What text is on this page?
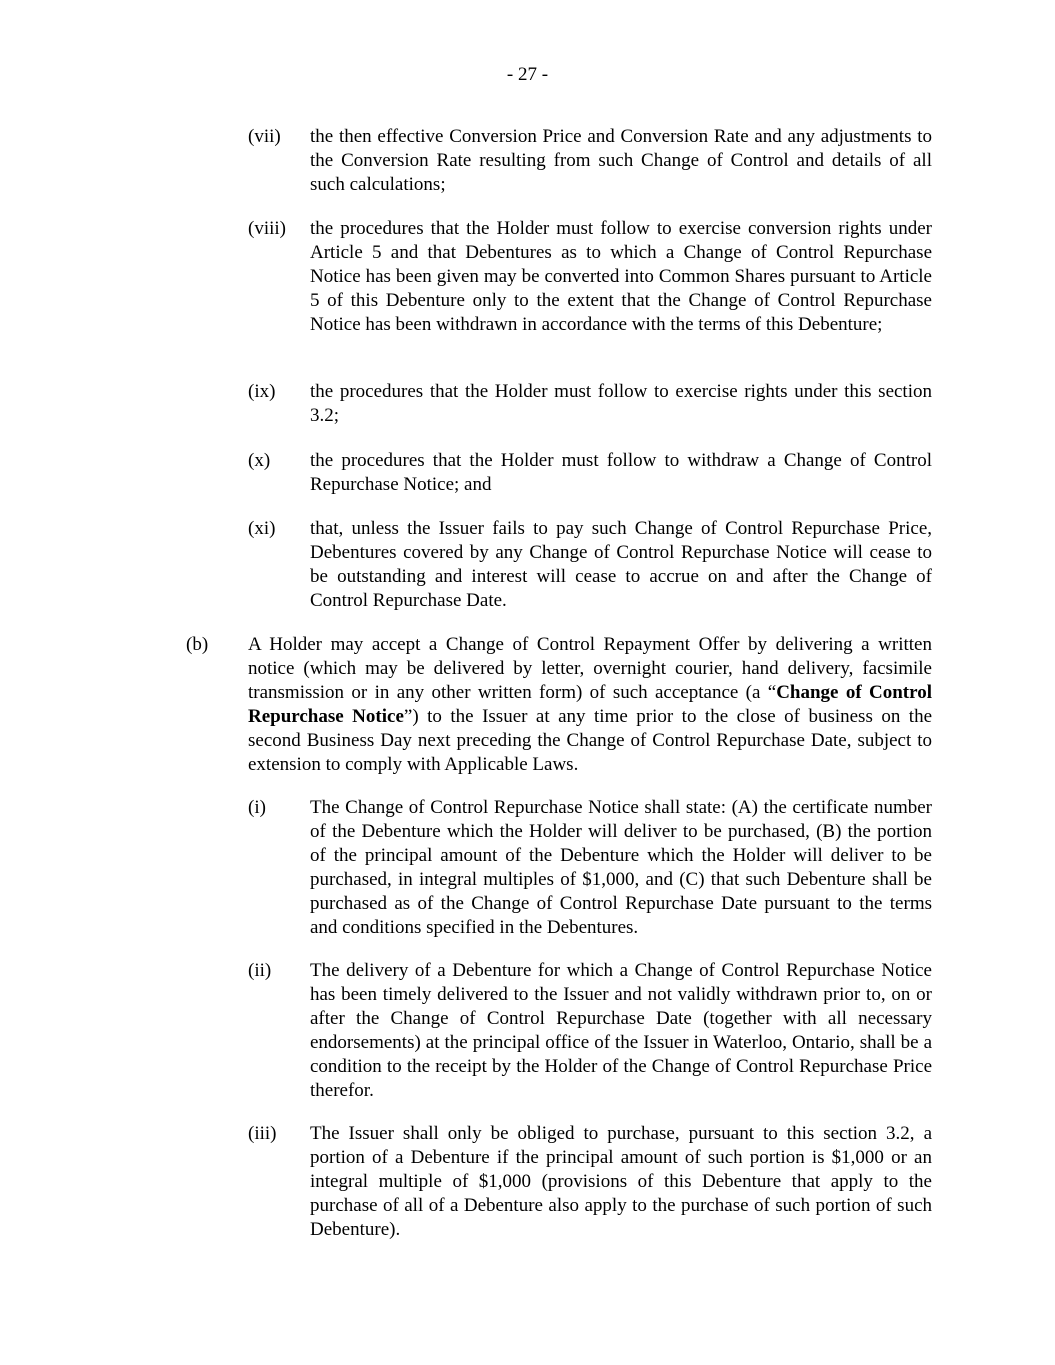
- 27 -
(vii) the then effective Conversion Price and Conversion Rate and any adjustments to the Conversion Rate resulting from such Change of Control and details of all such calculations;
(viii) the procedures that the Holder must follow to exercise conversion rights under Article 5 and that Debentures as to which a Change of Control Repurchase Notice has been given may be converted into Common Shares pursuant to Article 5 of this Debenture only to the extent that the Change of Control Repurchase Notice has been withdrawn in accordance with the terms of this Debenture;
(ix) the procedures that the Holder must follow to exercise rights under this section 3.2;
(x) the procedures that the Holder must follow to withdraw a Change of Control Repurchase Notice; and
(xi) that, unless the Issuer fails to pay such Change of Control Repurchase Price, Debentures covered by any Change of Control Repurchase Notice will cease to be outstanding and interest will cease to accrue on and after the Change of Control Repurchase Date.
(b) A Holder may accept a Change of Control Repayment Offer by delivering a written notice (which may be delivered by letter, overnight courier, hand delivery, facsimile transmission or in any other written form) of such acceptance (a “Change of Control Repurchase Notice”) to the Issuer at any time prior to the close of business on the second Business Day next preceding the Change of Control Repurchase Date, subject to extension to comply with Applicable Laws.
(i) The Change of Control Repurchase Notice shall state: (A) the certificate number of the Debenture which the Holder will deliver to be purchased, (B) the portion of the principal amount of the Debenture which the Holder will deliver to be purchased, in integral multiples of $1,000, and (C) that such Debenture shall be purchased as of the Change of Control Repurchase Date pursuant to the terms and conditions specified in the Debentures.
(ii) The delivery of a Debenture for which a Change of Control Repurchase Notice has been timely delivered to the Issuer and not validly withdrawn prior to, on or after the Change of Control Repurchase Date (together with all necessary endorsements) at the principal office of the Issuer in Waterloo, Ontario, shall be a condition to the receipt by the Holder of the Change of Control Repurchase Price therefor.
(iii) The Issuer shall only be obliged to purchase, pursuant to this section 3.2, a portion of a Debenture if the principal amount of such portion is $1,000 or an integral multiple of $1,000 (provisions of this Debenture that apply to the purchase of all of a Debenture also apply to the purchase of such portion of such Debenture).
